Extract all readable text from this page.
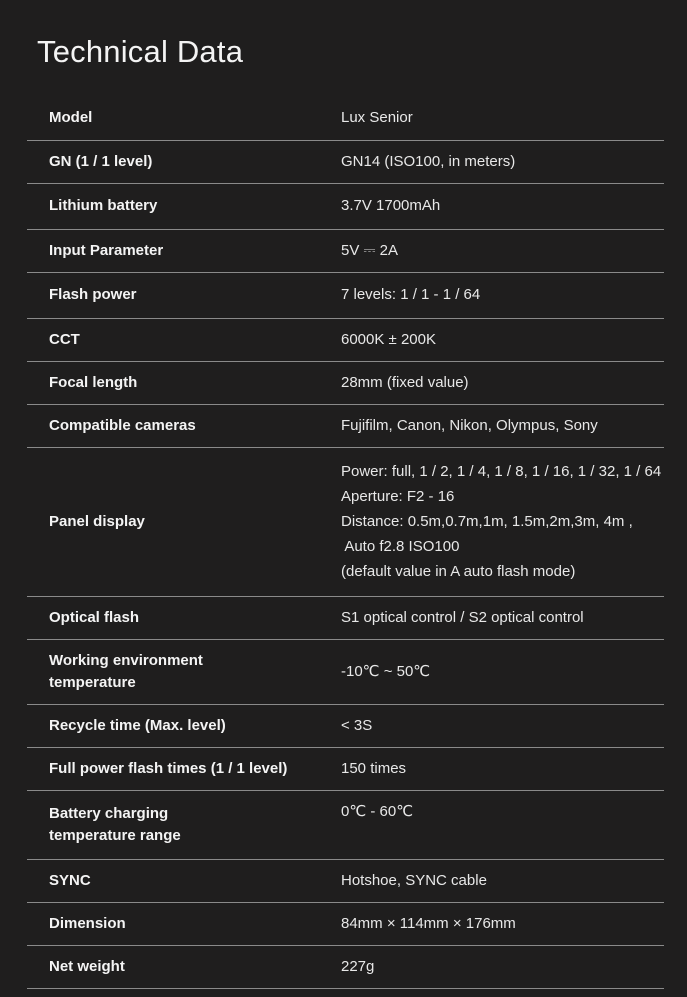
Technical Data
Model	Lux Senior

GN (1 / 1 level)	GN14 (ISO100, in meters)

Lithium battery	3.7V 1700mAh

Input Parameter	5V ⎓ 2A

Flash power	7 levels: 1 / 1 - 1 / 64

CCT	6000K ± 200K

Focal length	28mm (fixed value)

Compatible cameras	Fujifilm, Canon, Nikon, Olympus, Sony

Panel display	Power: full, 1 / 2, 1 / 4, 1 / 8, 1 / 16, 1 / 32, 1 / 64
Aperture: F2 - 16
Distance: 0.5m,0.7m,1m, 1.5m,2m,3m, 4m ,
Auto f2.8 ISO100
(default value in A auto flash mode)

Optical flash	S1 optical control / S2 optical control

Working environment
temperature	-10℃ ~ 50℃

Recycle time (Max. level)	< 3S

Full power flash times (1 / 1 level)	150 times

Battery charging
temperature range	0℃ - 60℃

SYNC	Hotshoe, SYNC cable

Dimension	84mm × 114mm × 176mm

Net weight	227g
